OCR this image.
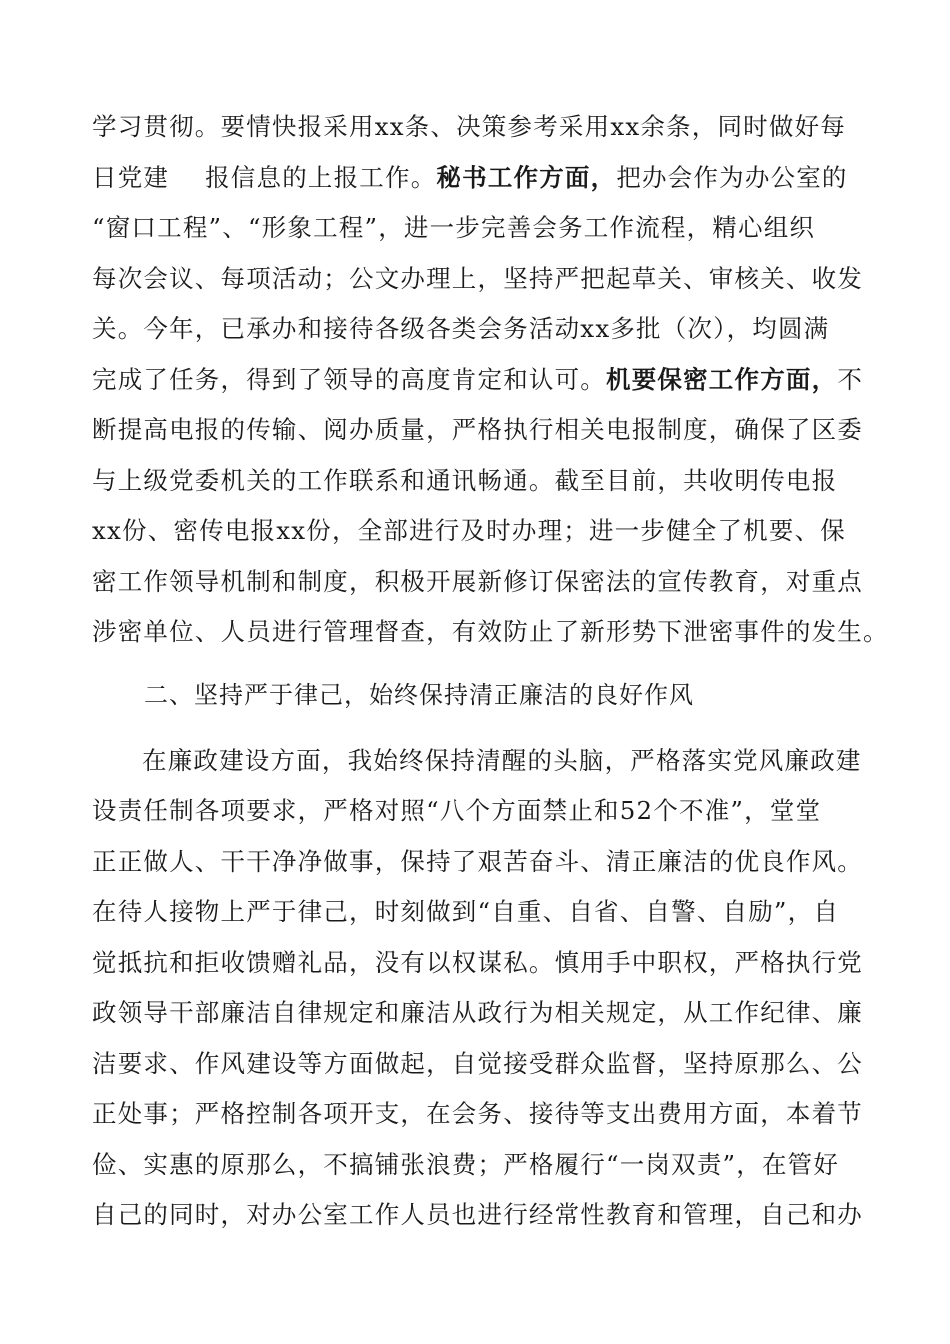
学习贯彻。要情快报采用xx条、决策参考采用xx余条，同时做好每
日党建 报信息的上报工作。秘书工作方面，把办会作为办公室的
“窗口工程”、“形象工程”，进一步完善会务工作流程，精心组织
每次会议、每项活动；公文办理上，坚持严把起草关、审核关、收发
关。今年，已承办和接待各级各类会务活动xx多批（次），均圆满
完成了任务，得到了领导的高度肯定和认可。机要保密工作方面，不
断提高电报的传输、阅办质量，严格执行相关电报制度，确保了区委
与上级党委机关的工作联系和通讯畅通。截至目前，共收明传电报
xx份、密传电报xx份，全部进行及时办理；进一步健全了机要、保
密工作领导机制和制度，积极开展新修订保密法的宣传教育，对重点
涉密单位、人员进行管理督查，有效防止了新形势下泄密事件的发生。
二、坚持严于律己，始终保持清正廉洁的良好作风
在廉政建设方面，我始终保持清醒的头脑，严格落实党风廉政建
设责任制各项要求，严格对照“八个方面禁止和52个不准”，堂堂
正正做人、干干净净做事，保持了艰苦奋斗、清正廉洁的优良作风。
在待人接物上严于律己，时刻做到“自重、自省、自警、自励”，自
觉抵抗和拒收馈赠礼品，没有以权谋私。慎用手中职权，严格执行党
政领导干部廉洁自律规定和廉洁从政行为相关规定，从工作纪律、廉
洁要求、作风建设等方面做起，自觉接受群众监督，坚持原那么、公
正处事；严格控制各项开支，在会务、接待等支出费用方面，本着节
俭、实惠的原那么，不搞铺张浪费；严格履行“一岗双责”，在管好
自己的同时，对办公室工作人员也进行经常性教育和管理，自己和办
